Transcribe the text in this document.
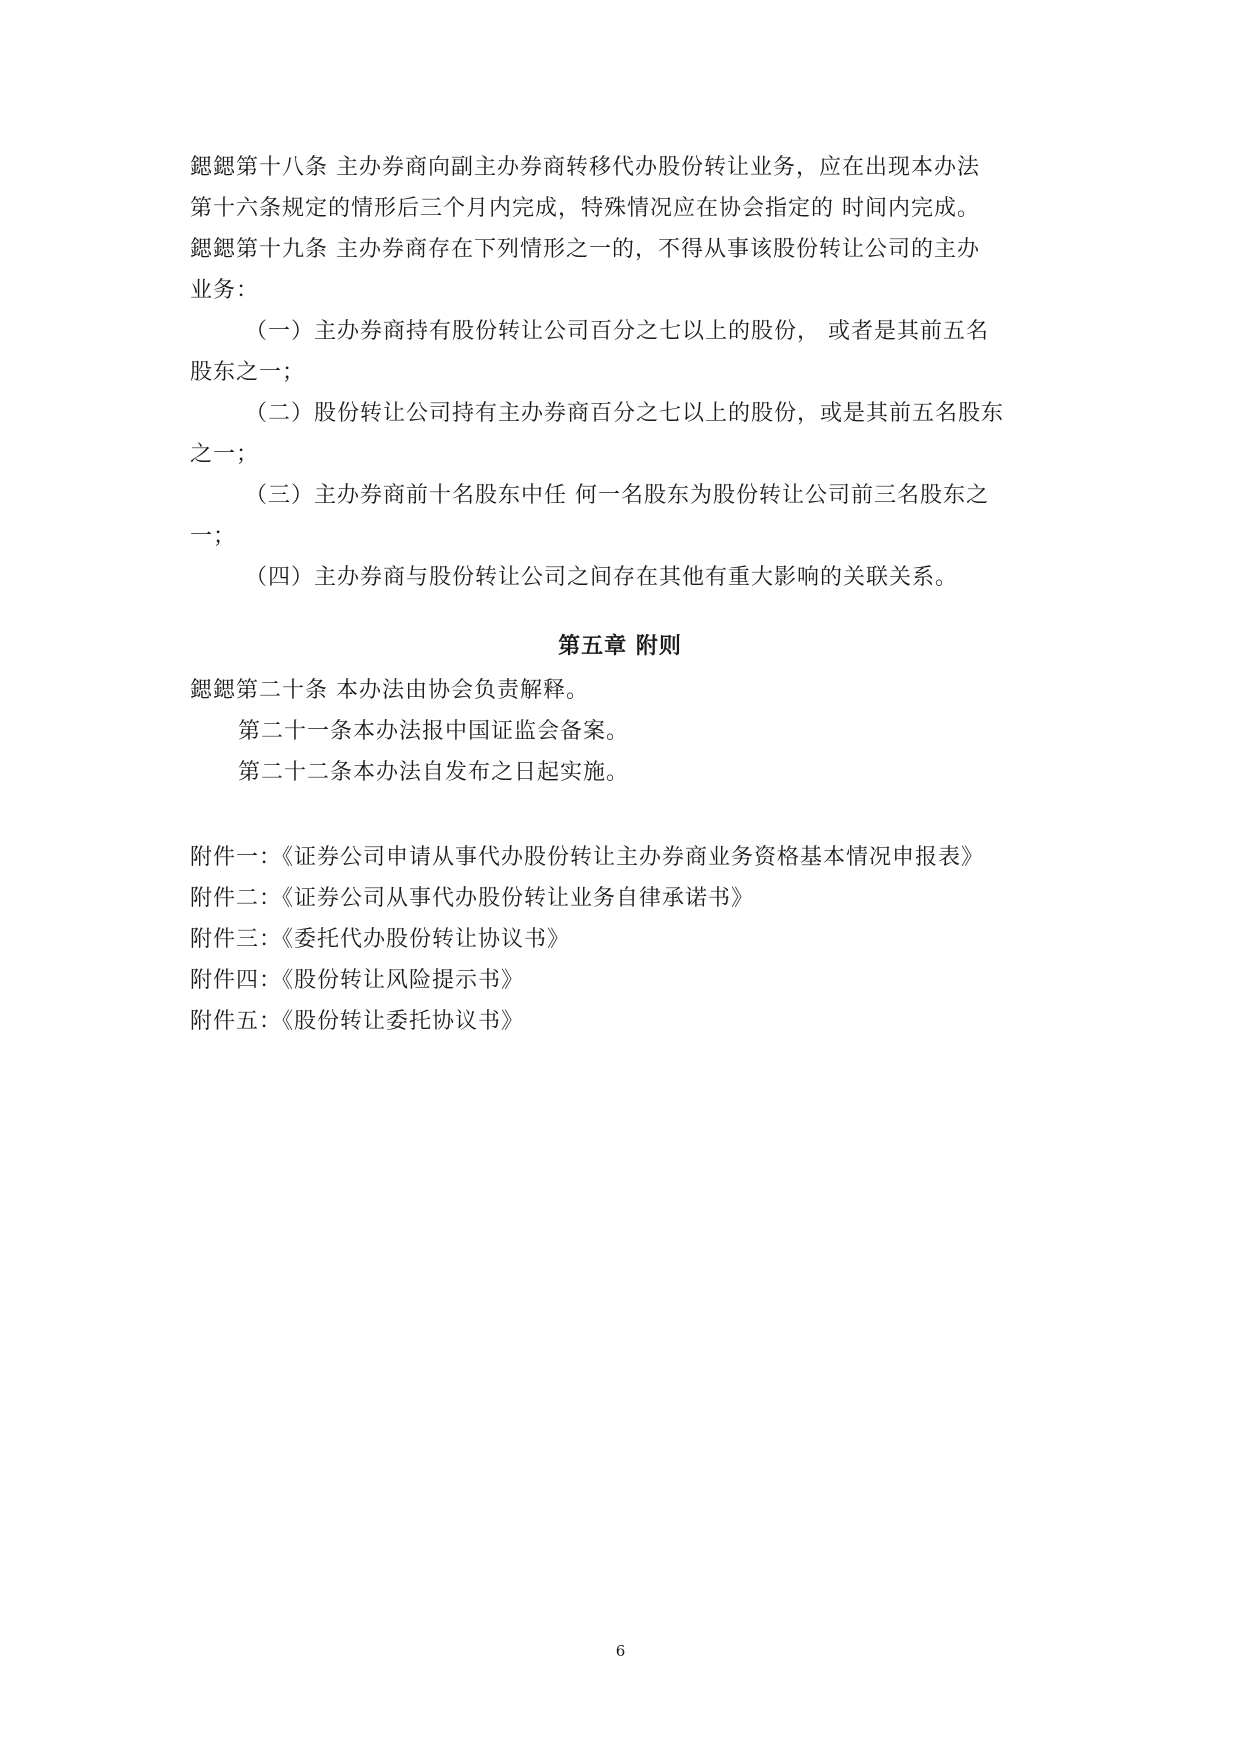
鍶鍶第十八条 主办券商向副主办券商转移代办股份转让业务，应在出现本办法
第十六条规定的情形后三个月内完成，特殊情况应在协会指定的 时间内完成。
鍶鍶第十九条 主办券商存在下列情形之一的，不得从事该股份转让公司的主办
业务：
（一）主办券商持有股份转让公司百分之七以上的股份， 或者是其前五名
股东之一；
（二）股份转让公司持有主办券商百分之七以上的股份，或是其前五名股东
之一；
（三）主办券商前十名股东中任 何一名股东为股份转让公司前三名股东之
一；
（四）主办券商与股份转让公司之间存在其他有重大影响的关联关系。
第五章 附则
鍶鍶第二十条 本办法由协会负责解释。
第二十一条本办法报中国证监会备案。
第二十二条本办法自发布之日起实施。
附件一：《证券公司申请从事代办股份转让主办券商业务资格基本情况申报表》
附件二：《证券公司从事代办股份转让业务自律承诺书》
附件三：《委托代办股份转让协议书》
附件四：《股份转让风险提示书》
附件五：《股份转让委托协议书》
6
